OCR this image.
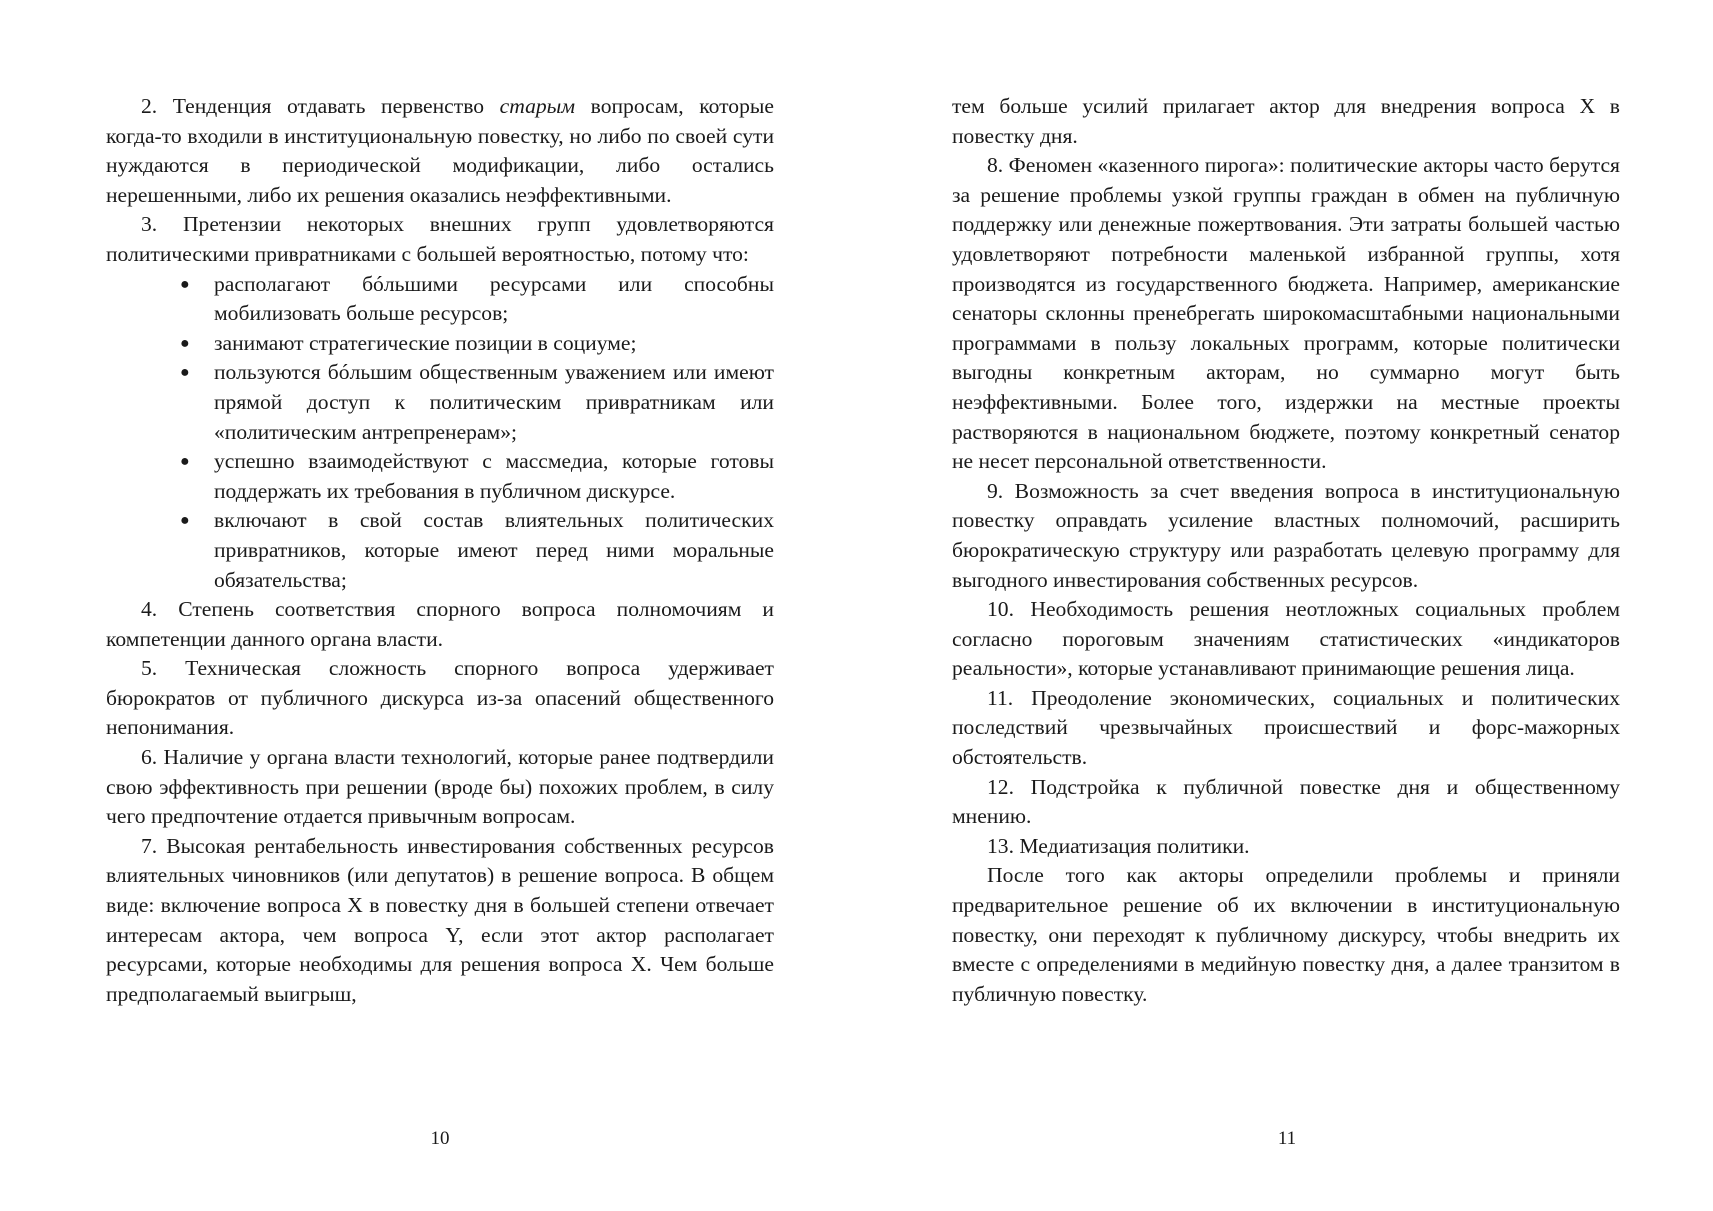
2. Тенденция отдавать первенство старым вопросам, которые когда-то входили в институциональную повестку, но либо по своей сути нуждаются в периодической модификации, либо остались нерешенными, либо их решения оказались неэффективными.

3. Претензии некоторых внешних групп удовлетворяются политическими привратниками с большей вероятностью, потому что:

● располагают бóльшими ресурсами или способны мобилизовать больше ресурсов;
● занимают стратегические позиции в социуме;
● пользуются бóльшим общественным уважением или имеют прямой доступ к политическим привратникам или «политическим антрепренерам»;
● успешно взаимодействуют с массмедиа, которые готовы поддержать их требования в публичном дискурсе.
● включают в свой состав влиятельных политических привратников, которые имеют перед ними моральные обязательства;

4. Степень соответствия спорного вопроса полномочиям и компетенции данного органа власти.

5. Техническая сложность спорного вопроса удерживает бюрократов от публичного дискурса из-за опасений общественного непонимания.

6. Наличие у органа власти технологий, которые ранее подтвердили свою эффективность при решении (вроде бы) похожих проблем, в силу чего предпочтение отдается привычным вопросам.

7. Высокая рентабельность инвестирования собственных ресурсов влиятельных чиновников (или депутатов) в решение вопроса. В общем виде: включение вопроса X в повестку дня в большей степени отвечает интересам актора, чем вопроса Y, если этот актор располагает ресурсами, которые необходимы для решения вопроса X. Чем больше предполагаемый выигрыш,

10

тем больше усилий прилагает актор для внедрения вопроса X в повестку дня.

8. Феномен «казенного пирога»: политические акторы часто берутся за решение проблемы узкой группы граждан в обмен на публичную поддержку или денежные пожертвования. Эти затраты большей частью удовлетворяют потребности маленькой избранной группы, хотя производятся из государственного бюджета. Например, американские сенаторы склонны пренебрегать широкомасштабными национальными программами в пользу локальных программ, которые политически выгодны конкретным акторам, но суммарно могут быть неэффективными. Более того, издержки на местные проекты растворяются в национальном бюджете, поэтому конкретный сенатор не несет персональной ответственности.

9. Возможность за счет введения вопроса в институциональную повестку оправдать усиление властных полномочий, расширить бюрократическую структуру или разработать целевую программу для выгодного инвестирования собственных ресурсов.

10. Необходимость решения неотложных социальных проблем согласно пороговым значениям статистических «индикаторов реальности», которые устанавливают принимающие решения лица.

11. Преодоление экономических, социальных и политических последствий чрезвычайных происшествий и форс-мажорных обстоятельств.

12. Подстройка к публичной повестке дня и общественному мнению.

13. Медиатизация политики.

После того как акторы определили проблемы и приняли предварительное решение об их включении в институциональную повестку, они переходят к публичному дискурсу, чтобы внедрить их вместе с определениями в медийную повестку дня, а далее транзитом в публичную повестку.

11
